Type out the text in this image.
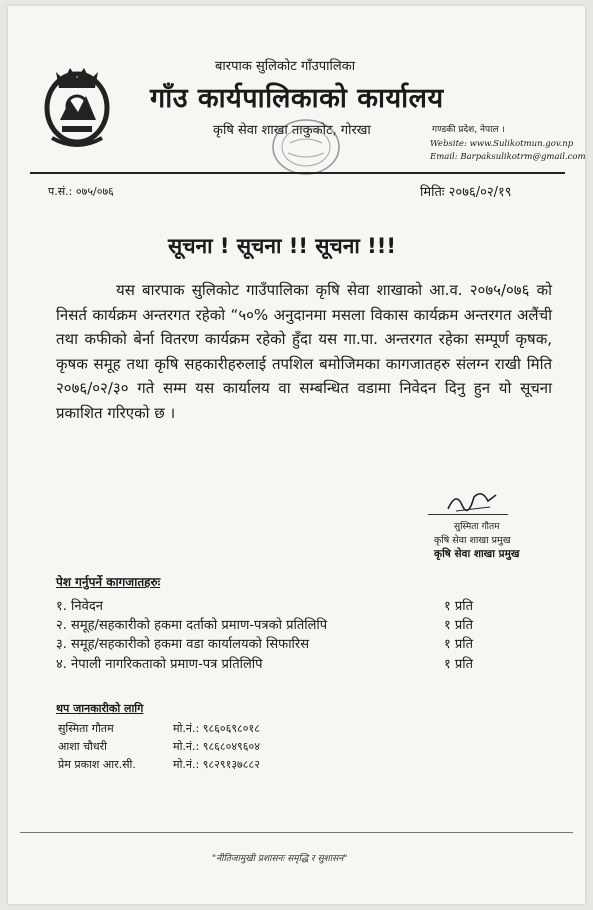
बारपाक सुलिकोट गाँउपालिका
गाँउ कार्यपालिकाको कार्यालय
कृषि सेवा शाखा ताकुकोट, गोरखा	गण्डकी प्रदेश, नेपाल ।
Website: www.Sulikotmun.gov.np
Email: Barpaksulikotrm@gmail.com
प.सं.: ०७५/०७६	मितिः २०७६/०२/१९
सूचना ! सूचना !! सूचना !!!
यस बारपाक सुलिकोट गाउँपालिका कृषि सेवा शाखाको आ.व. २०७५/०७६ को निसर्त कार्यक्रम अन्तरगत रहेको “५०% अनुदानमा मसला विकास कार्यक्रम अन्तरगत अलैंची तथा कफीको बेर्ना वितरण कार्यक्रम रहेको हुँदा यस गा.पा. अन्तरगत रहेका सम्पूर्ण कृषक, कृषक समूह तथा कृषि सहकारीहरुलाई तपशिल बमोजिमका कागजातहरु संलग्न राखी मिति २०७६/०२/३० गते सम्म यस कार्यालय वा सम्बन्धित वडामा निवेदन दिनु हुन यो सूचना प्रकाशित गरिएको छ ।
सुस्मिता गौतम
कृषि सेवा शाखा प्रमुख
कृषि सेवा शाखा प्रमुख
पेश गर्नुपर्ने कागजातहरुः
१. निवेदन	१ प्रति
२. समूह/सहकारीको हकमा दर्ताको प्रमाण-पत्रको प्रतिलिपि	१ प्रति
३. समूह/सहकारीको हकमा वडा कार्यालयको सिफारिस	१ प्रति
४. नेपाली नागरिकताको प्रमाण-पत्र प्रतिलिपि	१ प्रति
थप जानकारीको लागि
सुस्मिता गौतम	मो.नं.: ९८६०६९८०१८
आशा चौधरी	मो.नं.: ९८६८०४९६०४
प्रेम प्रकाश आर.सी.	मो.नं.: ९८२९१३७८८२
"नीतिजामुखी प्रशासनः समृद्धि र सुशासन"
